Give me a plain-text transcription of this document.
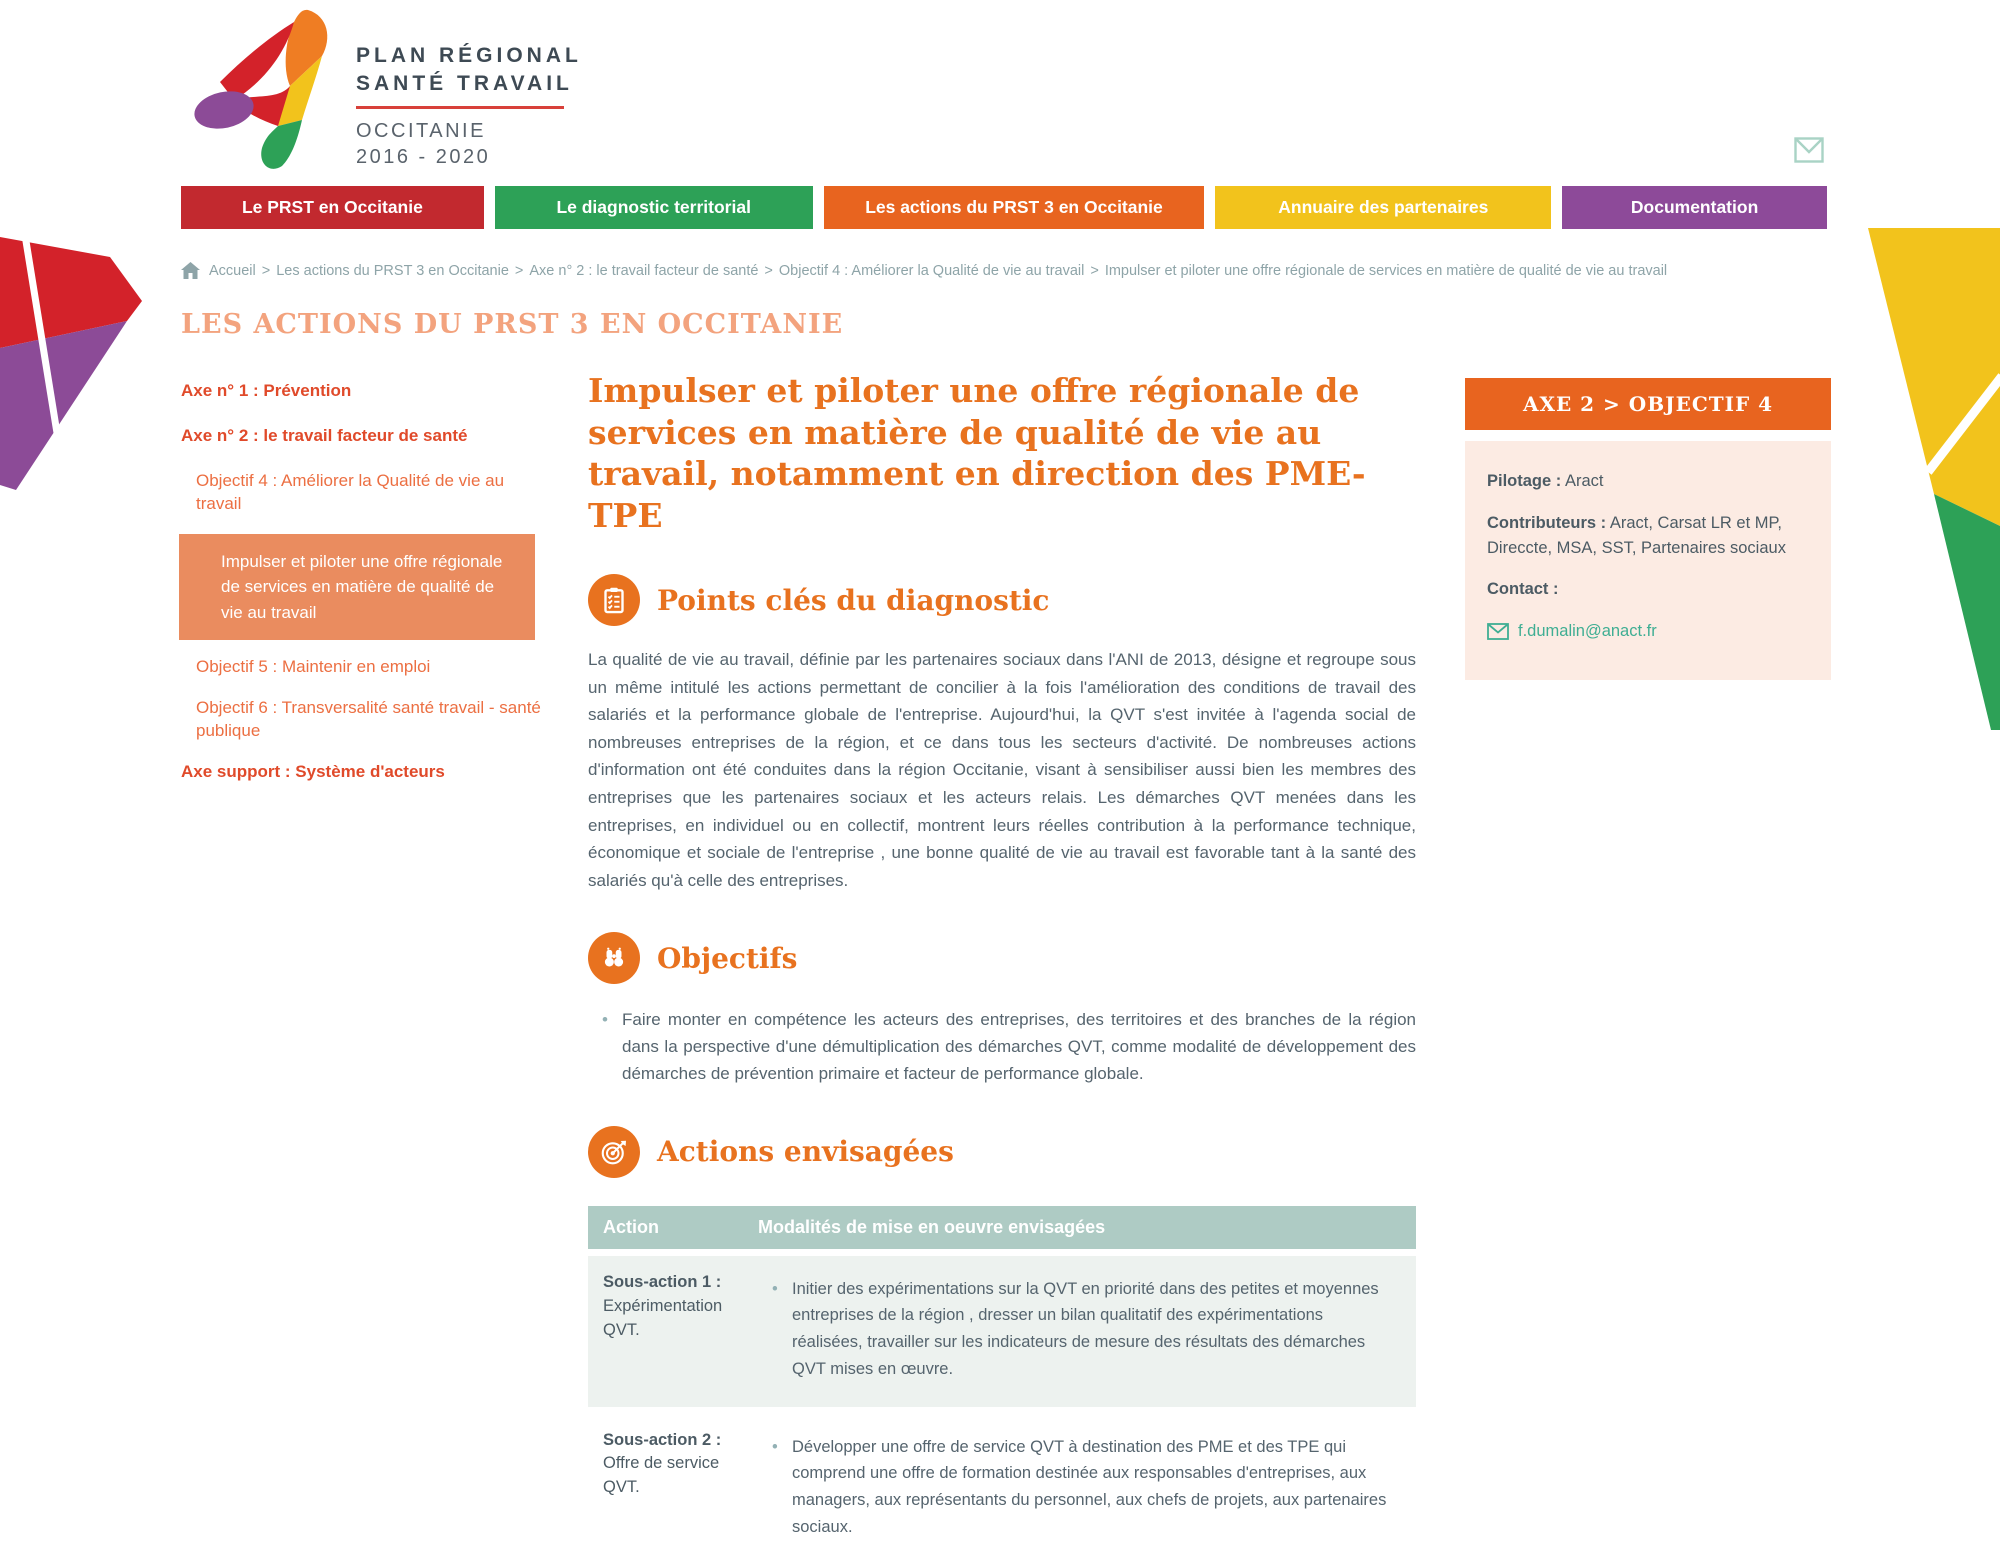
PLAN RÉGIONAL
SANTÉ TRAVAIL
OCCITANIE
2016 - 2020
Le PRST en Occitanie	Le diagnostic territorial	Les actions du PRST 3 en Occitanie	Annuaire des partenaires	Documentation
Accueil > Les actions du PRST 3 en Occitanie > Axe n° 2 : le travail facteur de santé > Objectif 4 : Améliorer la Qualité de vie au travail > Impulser et piloter une offre régionale de services en matière de qualité de vie au travail
LES ACTIONS DU PRST 3 EN OCCITANIE
Axe n° 1 : Prévention
Axe n° 2 : le travail facteur de santé
Objectif 4 : Améliorer la Qualité de vie au travail
Impulser et piloter une offre régionale de services en matière de qualité de vie au travail
Objectif 5 : Maintenir en emploi
Objectif 6 : Transversalité santé travail - santé publique
Axe support : Système d'acteurs
Impulser et piloter une offre régionale de services en matière de qualité de vie au travail, notamment en direction des PME-TPE
Points clés du diagnostic

La qualité de vie au travail, définie par les partenaires sociaux dans l'ANI de 2013, désigne et regroupe sous un même intitulé les actions permettant de concilier à la fois l'amélioration des conditions de travail des salariés et la performance globale de l'entreprise. Aujourd'hui, la QVT s'est invitée à l'agenda social de nombreuses entreprises de la région, et ce dans tous les secteurs d'activité. De nombreuses actions d'information ont été conduites dans la région Occitanie, visant à sensibiliser aussi bien les membres des entreprises que les partenaires sociaux et les acteurs relais. Les démarches QVT menées dans les entreprises, en individuel ou en collectif, montrent leurs réelles contribution à la performance technique, économique et sociale de l'entreprise , une bonne qualité de vie au travail est favorable tant à la santé des salariés qu'à celle des entreprises.

Objectifs
• Faire monter en compétence les acteurs des entreprises, des territoires et des branches de la région dans la perspective d'une démultiplication des démarches QVT, comme modalité de développement des démarches de prévention primaire et facteur de performance globale.
Actions envisagées
Action	Modalités de mise en oeuvre envisagées
Sous-action 1 :
Expérimentation QVT.
• Initier des expérimentations sur la QVT en priorité dans des petites et moyennes entreprises de la région , dresser un bilan qualitatif des expérimentations réalisées, travailler sur les indicateurs de mesure des résultats des démarches QVT mises en œuvre.
Sous-action 2 :
Offre de service QVT.
• Développer une offre de service QVT à destination des PME et des TPE qui comprend une offre de formation destinée aux responsables d'entreprises, aux managers, aux représentants du personnel, aux chefs de projets, aux partenaires sociaux.
AXE 2 > OBJECTIF 4

Pilotage : Aract

Contributeurs : Aract, Carsat LR et MP, Direccte, MSA, SST, Partenaires sociaux

Contact :

f.dumalin@anact.fr
